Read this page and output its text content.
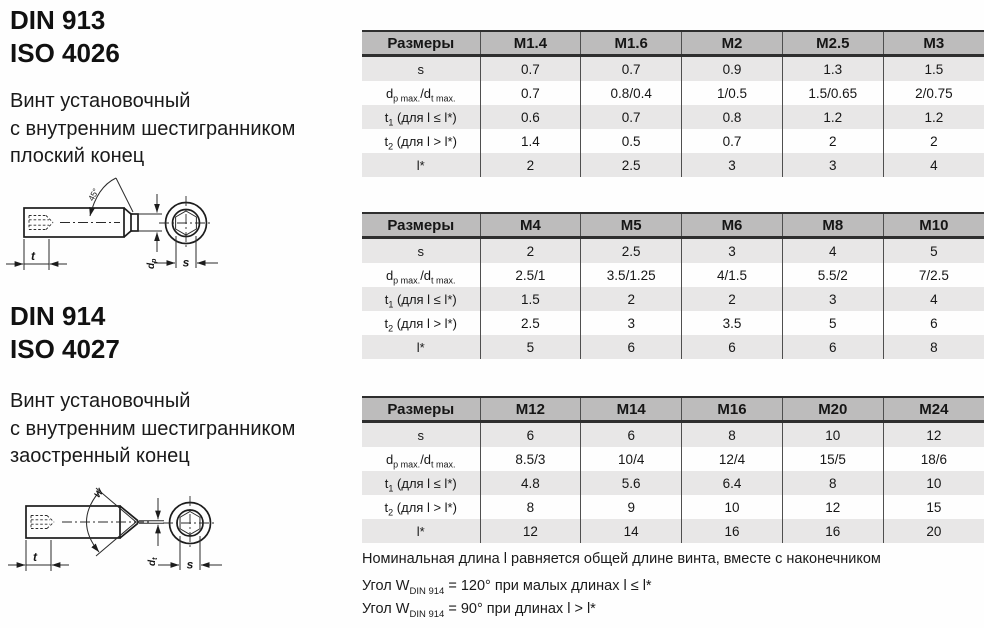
DIN 913
ISO 4026
Винт установочный
с внутренним шестигранником
плоский конец
45°
$d_p$
t	s
DIN 914
ISO 4027
Винт установочный
с внутренним шестигранником
заостренный конец
W
$d_t$
t
s
Размеры	M1.4	M1.6	M2	M2.5	M3
s	0.7	0.7	0.9	1.3	1.5
$d_{p max.}/d_{t max.}$	0.7	0.8/0.4	1/0.5	1.5/0.65	2/0.75
$t_1$ (для l ≤ l*)	0.6	0.7	0.8	1.2	1.2
$t_2$ (для l > l*)	1.4	0.5	0.7	2	2
l*	2	2.5	3	3	4
Размеры	M4	M5	M6	M8	M10
s	2	2.5	3	4	5
$d_{p max.}/d_{t max.}$	2.5/1	3.5/1.25	4/1.5	5.5/2	7/2.5
$t_1$ (для l ≤ l*)	1.5	2	2	3	4
$t_2$ (для l > l*)	2.5	3	3.5	5	6
l*	5	6	6	6	8
Размеры	M12	M14	M16	M20	M24
s	6	6	8	10	12
$d_{p max.}/d_{t max.}$	8.5/3	10/4	12/4	15/5	18/6
$t_1$ (для l ≤ l*)	4.8	5.6	6.4	8	10
$t_2$ (для l > l*)	8	9	10	12	15
l*	12	14	16	16	20
Номинальная длина l равняется общей длине винта, вместе с наконечником
Угол $W_{DIN 914} = 120^\circ$ при малых длинах l ≤ l*
Угол $W_{DIN 914} = 90^\circ$ при длинах l > l*
